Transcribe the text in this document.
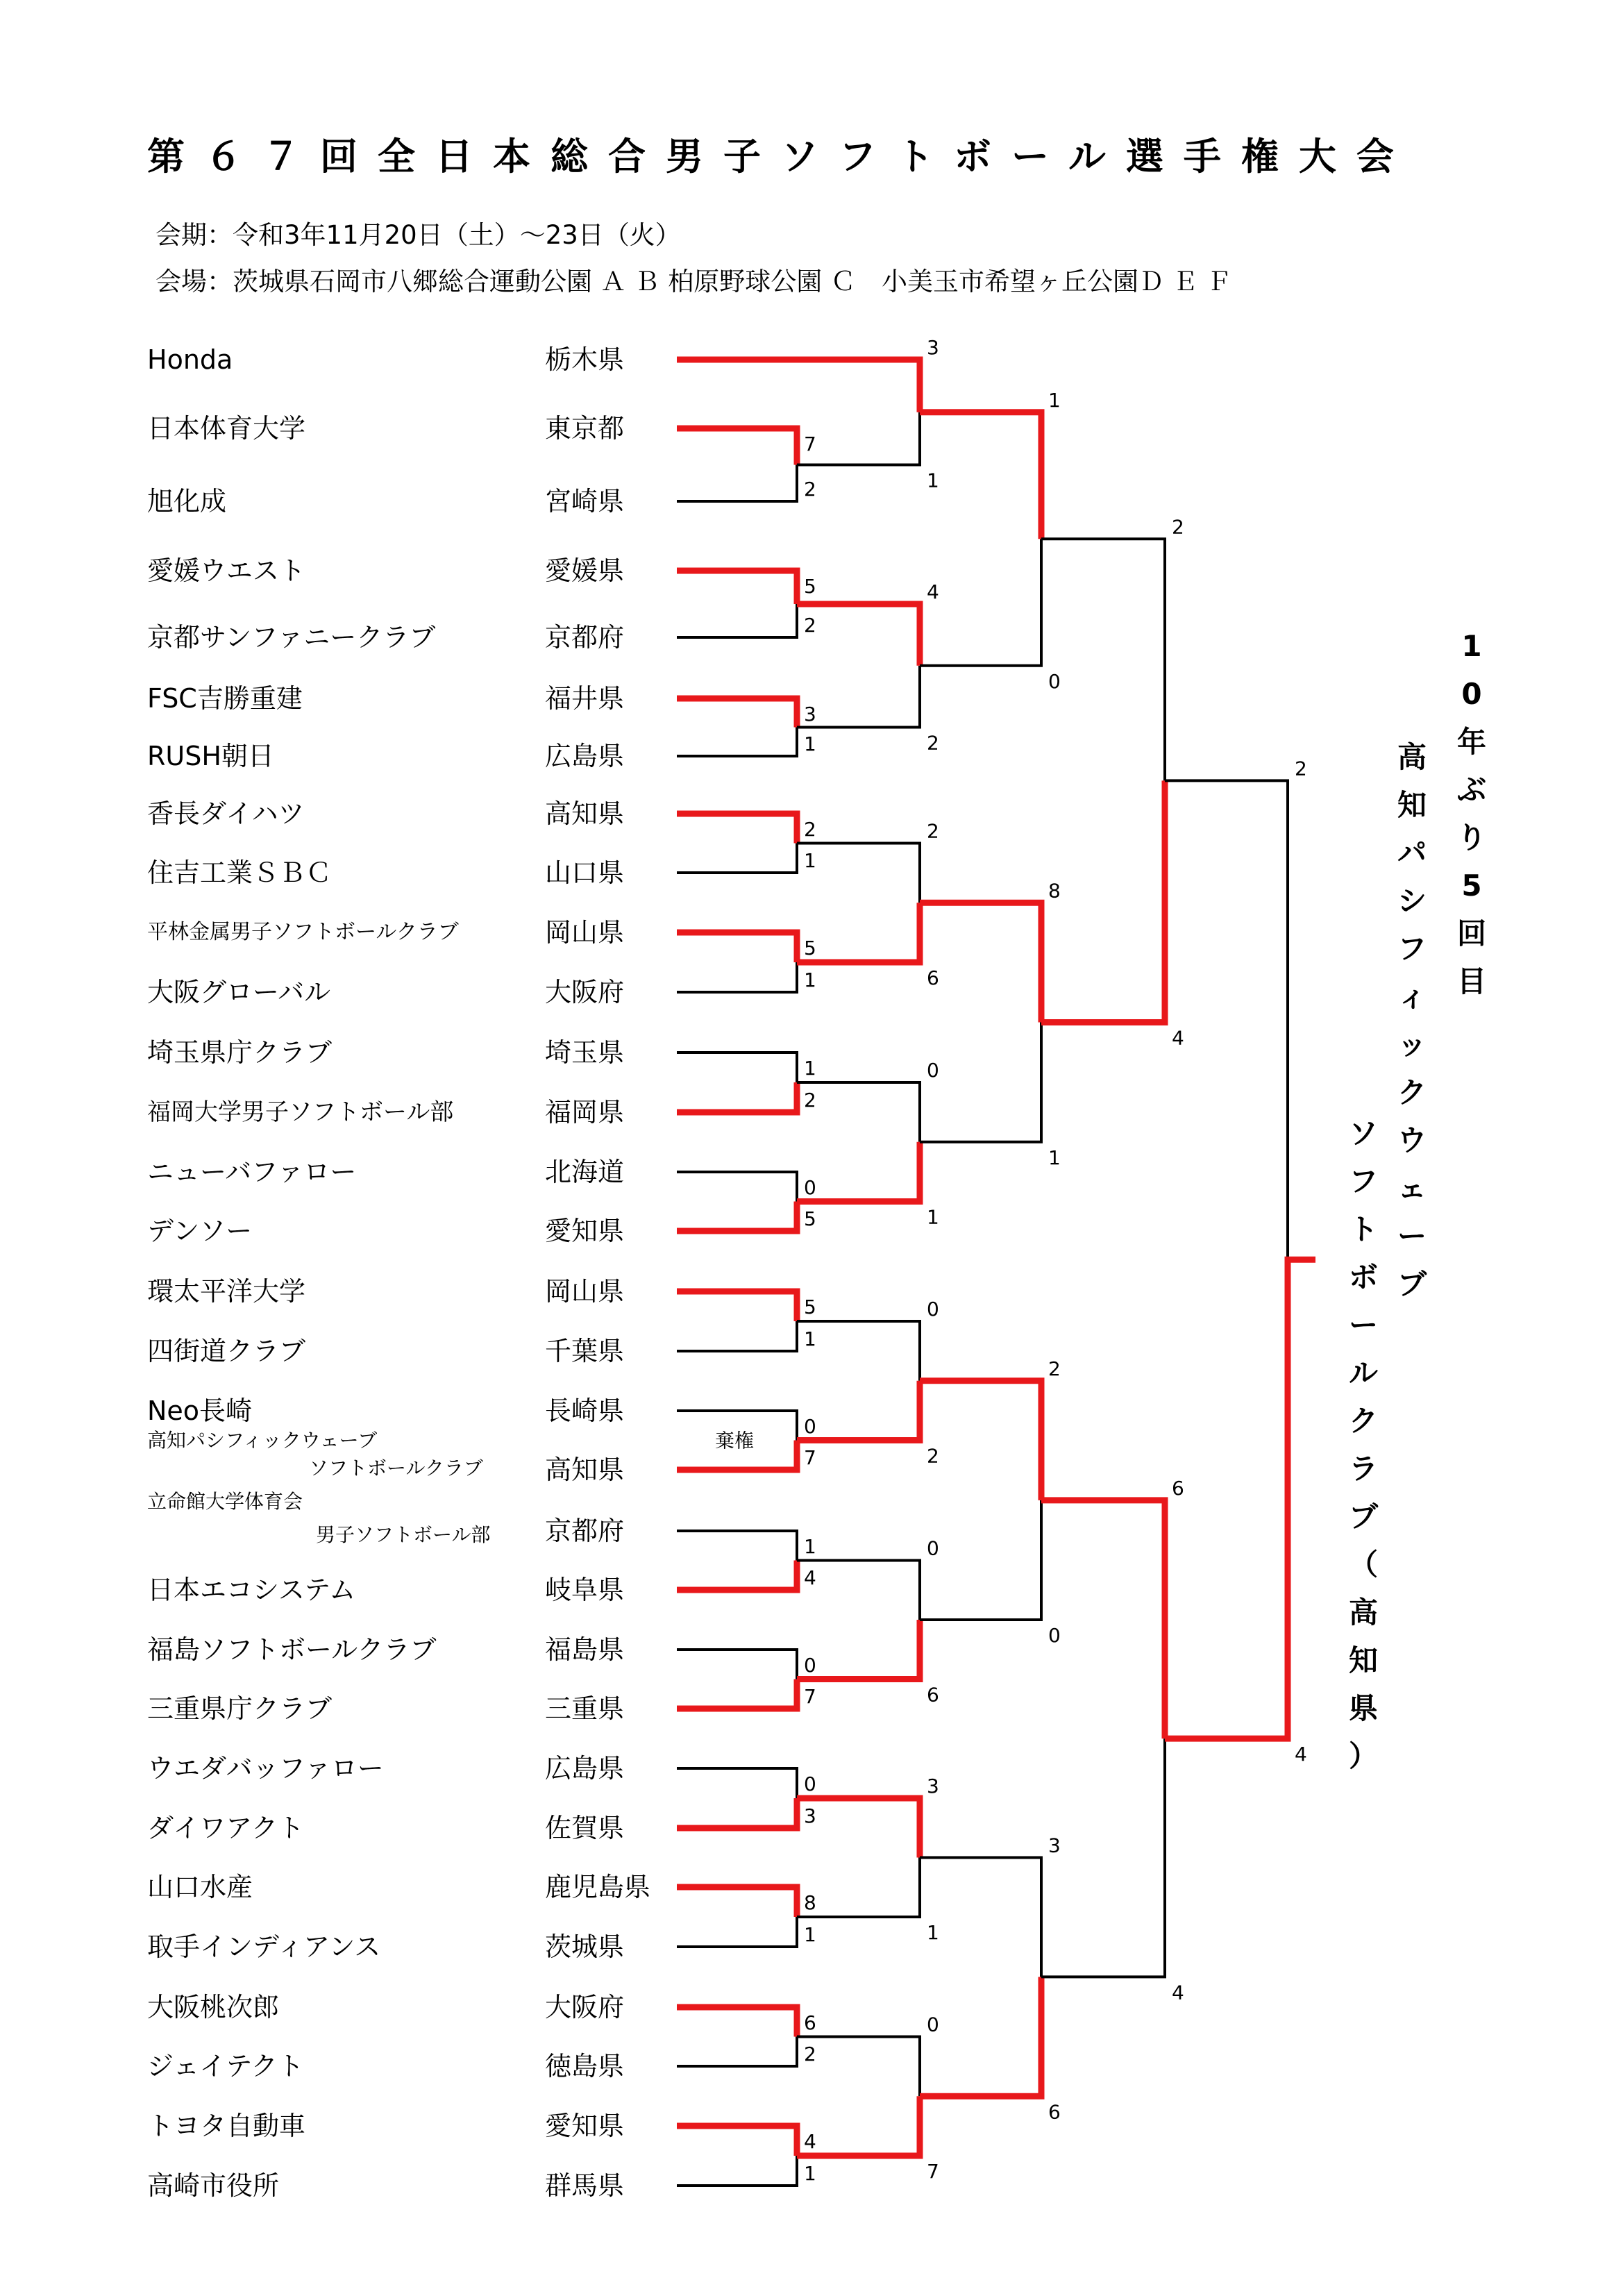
第６７回全日本総合男子ソフトボール選手権大会
会期：令和3年11月20日（土）～23日（火）
会場：茨城県石岡市八郷総合運動公園 Ａ Ｂ 柏原野球公園 Ｃ　小美玉市希望ヶ丘公園Ｄ Ｅ Ｆ
Honda	栃木県
日本体育大学	東京都
旭化成	宮崎県
愛媛ウエスト	愛媛県
京都サンファニークラブ	京都府
FSC吉勝重建	福井県
RUSH朝日	広島県
香長ダイハツ	高知県
住吉工業ＳＢＣ	山口県
平林金属男子ソフトボールクラブ	岡山県
大阪グローバル	大阪府
埼玉県庁クラブ	埼玉県
福岡大学男子ソフトボール部	福岡県
ニューバファロー	北海道
デンソー	愛知県
環太平洋大学	岡山県
四街道クラブ	千葉県
Neo長崎	長崎県
高知パシフィックウェーブ
ソフトボールクラブ 高知県
立命館大学体育会
男子ソフトボール部 京都府
日本エコシステム	岐阜県
福島ソフトボールクラブ	福島県
三重県庁クラブ	三重県
ウエダバッファロー	広島県
ダイワアクト	佐賀県
山口水産	鹿児島県
取手インディアンス	茨城県
大阪桃次郎	大阪府
ジェイテクト	徳島県
トヨタ自動車	愛知県
高崎市役所	群馬県
7
2
5
2
3
1
2
1
5
1
1
2
0
5
5
1
0
7
1
4
0
7
0
3
8
1
6
2
4
1
棄権
3
1
4
2
2
6
0
1
0
2
0
6
3
1
0
7
1
0
8
1
2
0
3
6
2
4
6
4
2
4
ソ
フ
ト
ボ
ー
ル
ク
ラ
ブ
（
高
知
県
）
高
知
パ
シ
フ
ィ
ッ
ク
ウ
ェ
ー
ブ
1
0
年
ぶ
り
5
回
目
